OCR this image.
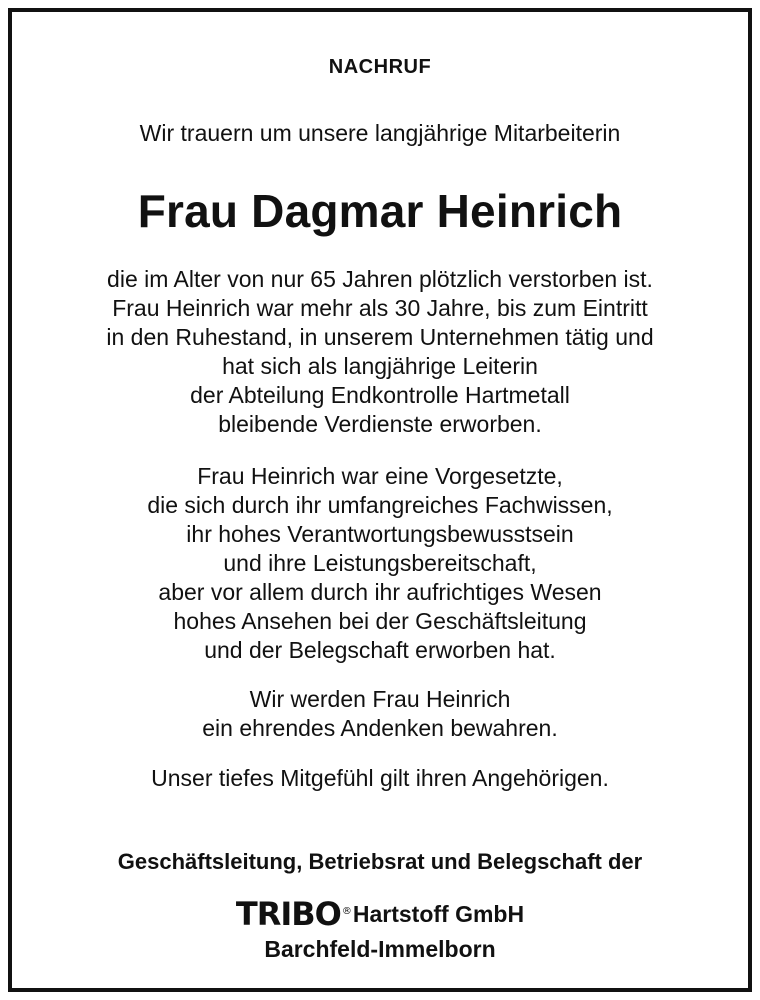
NACHRUF
Wir trauern um unsere langjährige Mitarbeiterin
Frau Dagmar Heinrich
die im Alter von nur 65 Jahren plötzlich verstorben ist.
Frau Heinrich war mehr als 30 Jahre, bis zum Eintritt
in den Ruhestand, in unserem Unternehmen tätig und
hat sich als langjährige Leiterin
der Abteilung Endkontrolle Hartmetall
bleibende Verdienste erworben.
Frau Heinrich war eine Vorgesetzte,
die sich durch ihr umfangreiches Fachwissen,
ihr hohes Verantwortungsbewusstsein
und ihre Leistungsbereitschaft,
aber vor allem durch ihr aufrichtiges Wesen
hohes Ansehen bei der Geschäftsleitung
und der Belegschaft erworben hat.
Wir werden Frau Heinrich
ein ehrendes Andenken bewahren.
Unser tiefes Mitgefühl gilt ihren Angehörigen.
Geschäftsleitung, Betriebsrat und Belegschaft der
TRIBO ® Hartstoff GmbH
Barchfeld-Immelborn
